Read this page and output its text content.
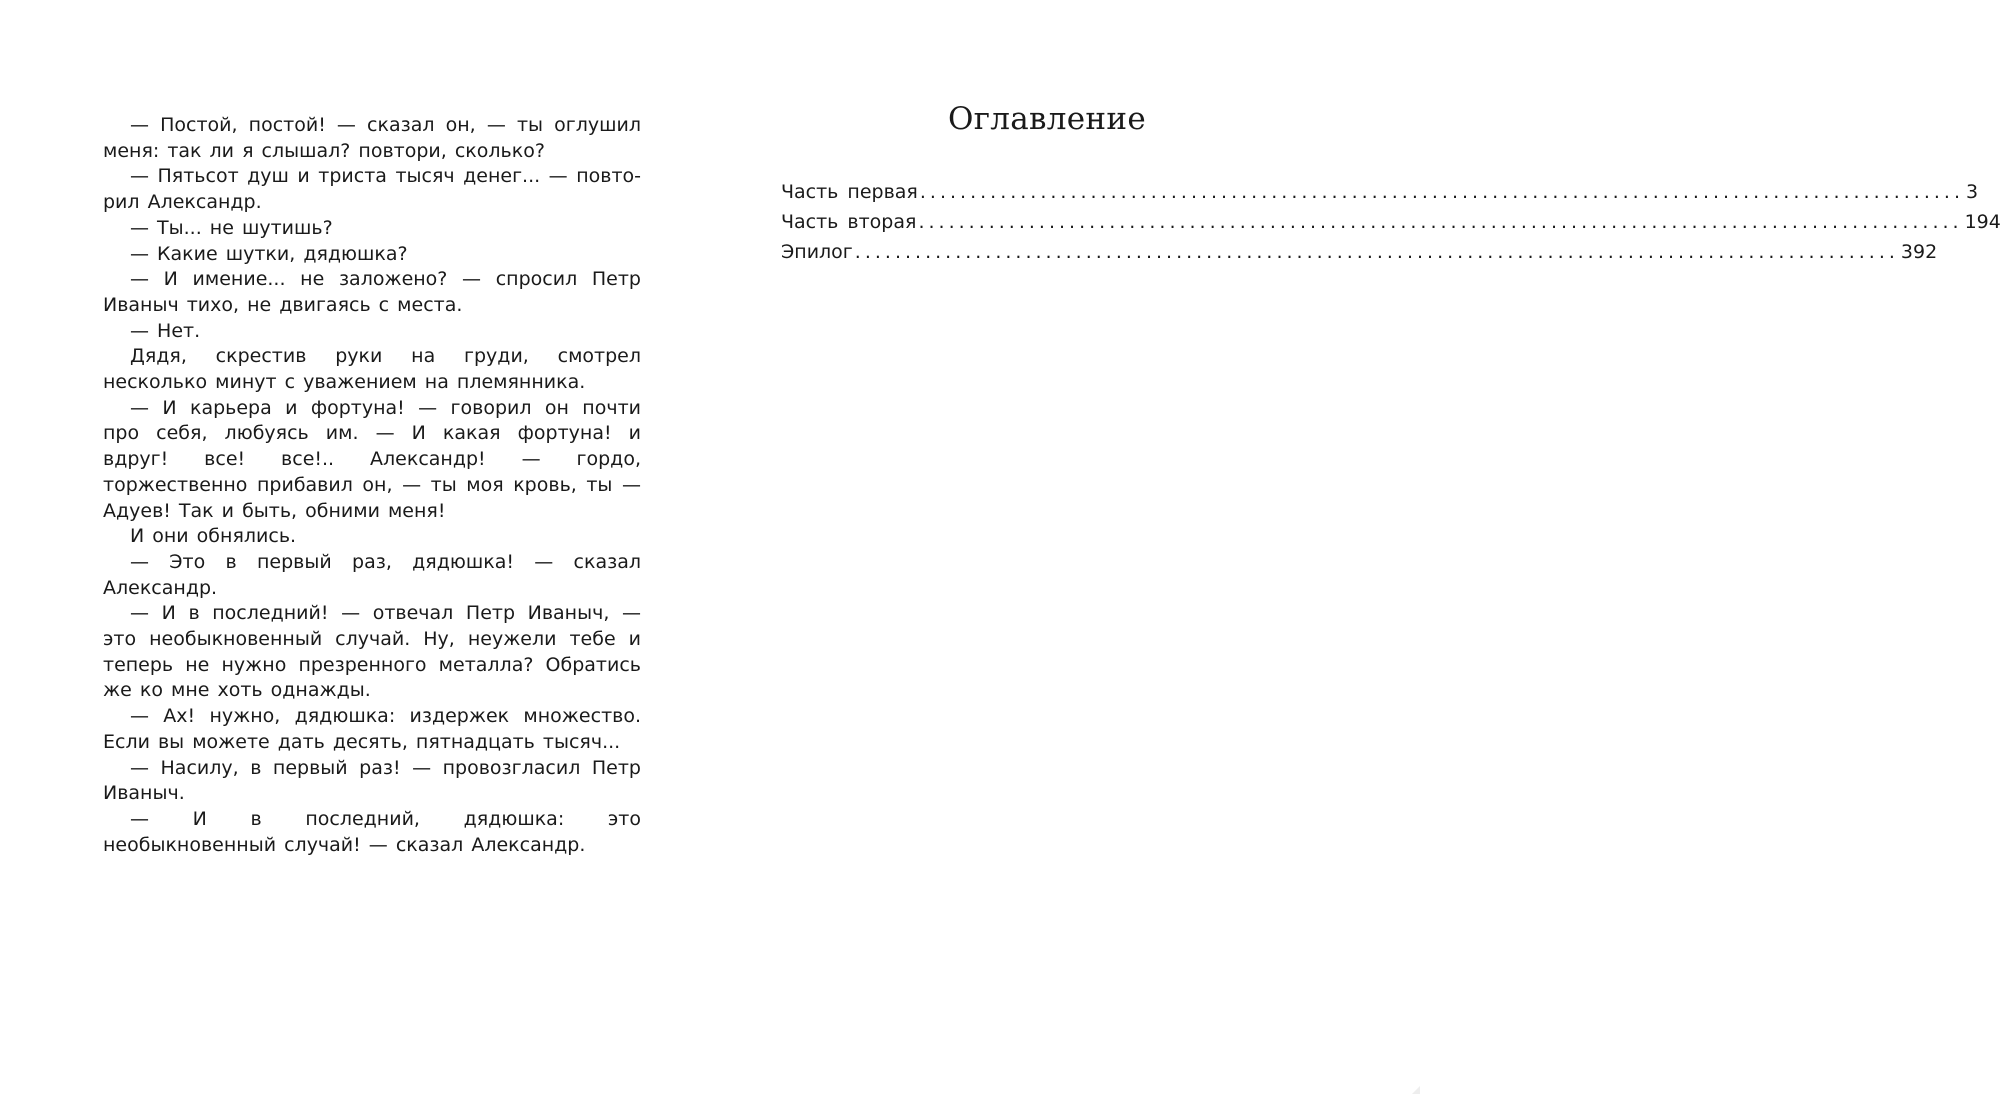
— Постой, постой! — сказал он, — ты оглушил меня: так ли я слышал? повтори, сколько?

— Пятьсот душ и триста тысяч денег... — повторил Александр.

— Ты... не шутишь?

— Какие шутки, дядюшка?

— И имение... не заложено? — спросил Петр Иваныч тихо, не двигаясь с места.

— Нет.

Дядя, скрестив руки на груди, смотрел несколько минут с уважением на племянника.

— И карьера и фортуна! — говорил он почти про себя, любуясь им. — И какая фортуна! и вдруг! все! все!.. Александр! — гордо, торжественно прибавил он, — ты моя кровь, ты — Адуев! Так и быть, обними меня!

И они обнялись.

— Это в первый раз, дядюшка! — сказал Александр.

— И в последний! — отвечал Петр Иваныч, — это необыкновенный случай. Ну, неужели тебе и теперь не нужно презренного металла? Обратись же ко мне хоть однажды.

— Ах! нужно, дядюшка: издержек множество. Если вы можете дать десять, пятнадцать тысяч...

— Насилу, в первый раз! — провозгласил Петр Иваныч.

— И в последний, дядюшка: это необыкновенный случай! — сказал Александр.

Оглавление
Часть первая ........................................................................................................ 3
Часть вторая ........................................................................................................ 194
Эпилог ........................................................................................................ 392
